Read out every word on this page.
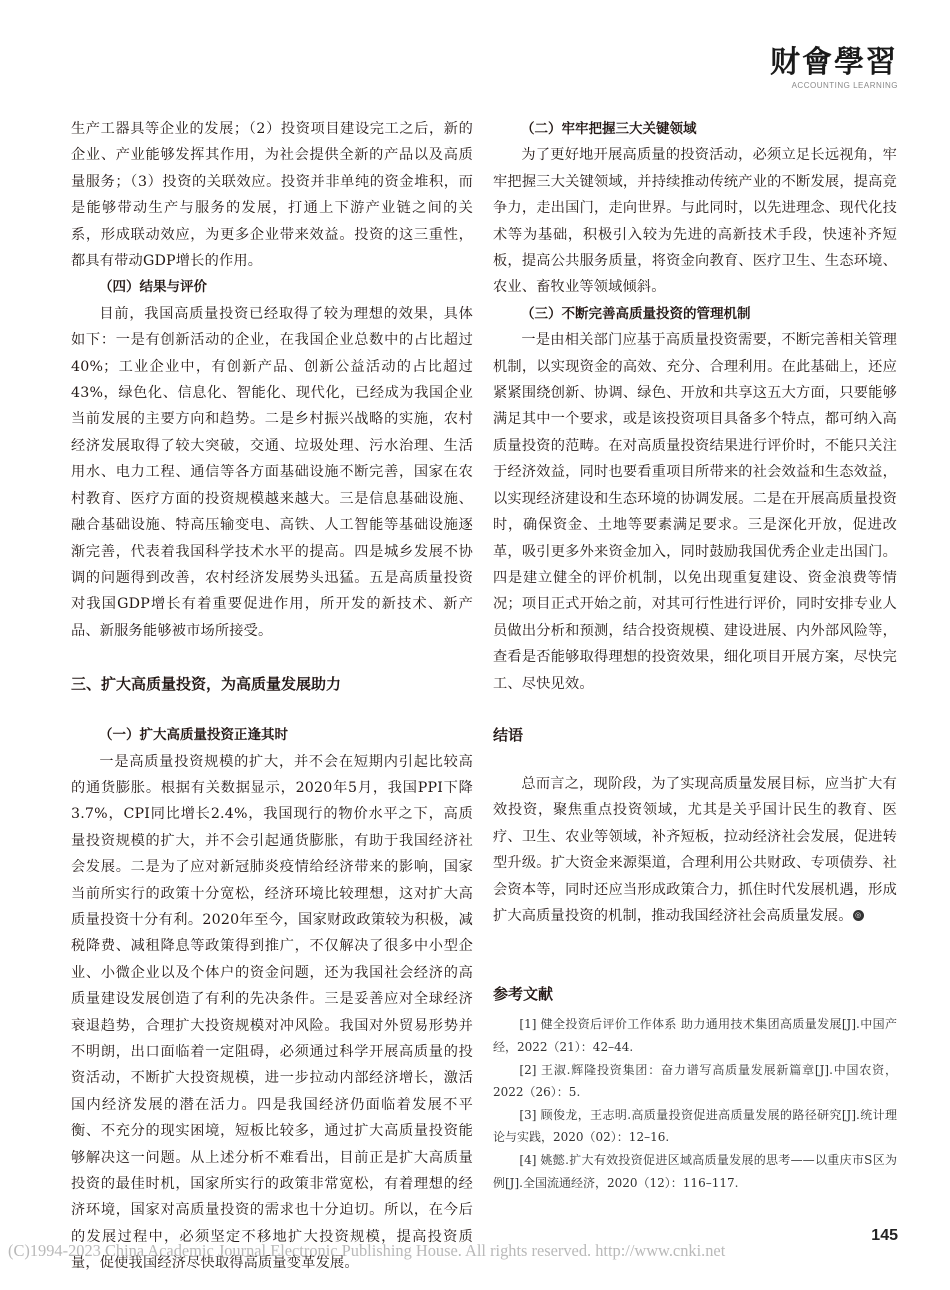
财會學習
ACCOUNTING LEARNING

生产工器具等企业的发展；（2）投资项目建设完工之后，新的企业、产业能够发挥其作用，为社会提供全新的产品以及高质量服务；（3）投资的关联效应。投资并非单纯的资金堆积，而是能够带动生产与服务的发展，打通上下游产业链之间的关系，形成联动效应，为更多企业带来效益。投资的这三重性，都具有带动GDP增长的作用。

（四）结果与评价

目前，我国高质量投资已经取得了较为理想的效果，具体如下：一是有创新活动的企业，在我国企业总数中的占比超过40%；工业企业中，有创新产品、创新公益活动的占比超过43%，绿色化、信息化、智能化、现代化，已经成为我国企业当前发展的主要方向和趋势。二是乡村振兴战略的实施，农村经济发展取得了较大突破，交通、垃圾处理、污水治理、生活用水、电力工程、通信等各方面基础设施不断完善，国家在农村教育、医疗方面的投资规模越来越大。三是信息基础设施、融合基础设施、特高压输变电、高铁、人工智能等基础设施逐渐完善，代表着我国科学技术水平的提高。四是城乡发展不协调的问题得到改善，农村经济发展势头迅猛。五是高质量投资对我国GDP增长有着重要促进作用，所开发的新技术、新产品、新服务能够被市场所接受。

三、扩大高质量投资，为高质量发展助力
（一）扩大高质量投资正逢其时

一是高质量投资规模的扩大，并不会在短期内引起比较高的通货膨胀。根据有关数据显示，2020年5月，我国PPI下降3.7%，CPI同比增长2.4%，我国现行的物价水平之下，高质量投资规模的扩大，并不会引起通货膨胀，有助于我国经济社会发展。二是为了应对新冠肺炎疫情给经济带来的影响，国家当前所实行的政策十分宽松，经济环境比较理想，这对扩大高质量投资十分有利。2020年至今，国家财政政策较为积极，减税降费、减租降息等政策得到推广，不仅解决了很多中小型企业、小微企业以及个体户的资金问题，还为我国社会经济的高质量建设发展创造了有利的先决条件。三是妥善应对全球经济衰退趋势，合理扩大投资规模对冲风险。我国对外贸易形势并不明朗，出口面临着一定阻碍，必须通过科学开展高质量的投资活动，不断扩大投资规模，进一步拉动内部经济增长，激活国内经济发展的潜在活力。四是我国经济仍面临着发展不平衡、不充分的现实困境，短板比较多，通过扩大高质量投资能够解决这一问题。从上述分析不难看出，目前正是扩大高质量投资的最佳时机，国家所实行的政策非常宽松，有着理想的经济环境，国家对高质量投资的需求也十分迫切。所以，在今后的发展过程中，必须坚定不移地扩大投资规模，提高投资质量，促使我国经济尽快取得高质量变革发展。

（二）牢牢把握三大关键领域

为了更好地开展高质量的投资活动，必须立足长远视角，牢牢把握三大关键领域，并持续推动传统产业的不断发展，提高竞争力，走出国门，走向世界。与此同时，以先进理念、现代化技术等为基础，积极引入较为先进的高新技术手段，快速补齐短板，提高公共服务质量，将资金向教育、医疗卫生、生态环境、农业、畜牧业等领域倾斜。

（三）不断完善高质量投资的管理机制

一是由相关部门应基于高质量投资需要，不断完善相关管理机制，以实现资金的高效、充分、合理利用。在此基础上，还应紧紧围绕创新、协调、绿色、开放和共享这五大方面，只要能够满足其中一个要求，或是该投资项目具备多个特点，都可纳入高质量投资的范畴。在对高质量投资结果进行评价时，不能只关注于经济效益，同时也要看重项目所带来的社会效益和生态效益，以实现经济建设和生态环境的协调发展。二是在开展高质量投资时，确保资金、土地等要素满足要求。三是深化开放，促进改革，吸引更多外来资金加入，同时鼓励我国优秀企业走出国门。四是建立健全的评价机制，以免出现重复建设、资金浪费等情况；项目正式开始之前，对其可行性进行评价，同时安排专业人员做出分析和预测，结合投资规模、建设进展、内外部风险等，查看是否能够取得理想的投资效果，细化项目开展方案，尽快完工、尽快见效。

结语

总而言之，现阶段，为了实现高质量发展目标，应当扩大有效投资，聚焦重点投资领域，尤其是关乎国计民生的教育、医疗、卫生、农业等领域，补齐短板，拉动经济社会发展，促进转型升级。扩大资金来源渠道，合理利用公共财政、专项债券、社会资本等，同时还应当形成政策合力，抓住时代发展机遇，形成扩大高质量投资的机制，推动我国经济社会高质量发展。 ◎

参考文献
[1] 健全投资后评价工作体系 助力通用技术集团高质量发展[J].中国产经，2022（21）：42–44.
[2] 王淑.辉隆投资集团：奋力谱写高质量发展新篇章[J].中国农资，2022（26）：5.
[3] 顾俊龙，王志明.高质量投资促进高质量发展的路径研究[J].统计理论与实践，2020（02）：12–16.
[4] 姚懿.扩大有效投资促进区域高质量发展的思考——以重庆市S区为例[J].全国流通经济，2020（12）：116–117.
145
(C)1994-2023 China Academic Journal Electronic Publishing House. All rights reserved. http://www.cnki.net
